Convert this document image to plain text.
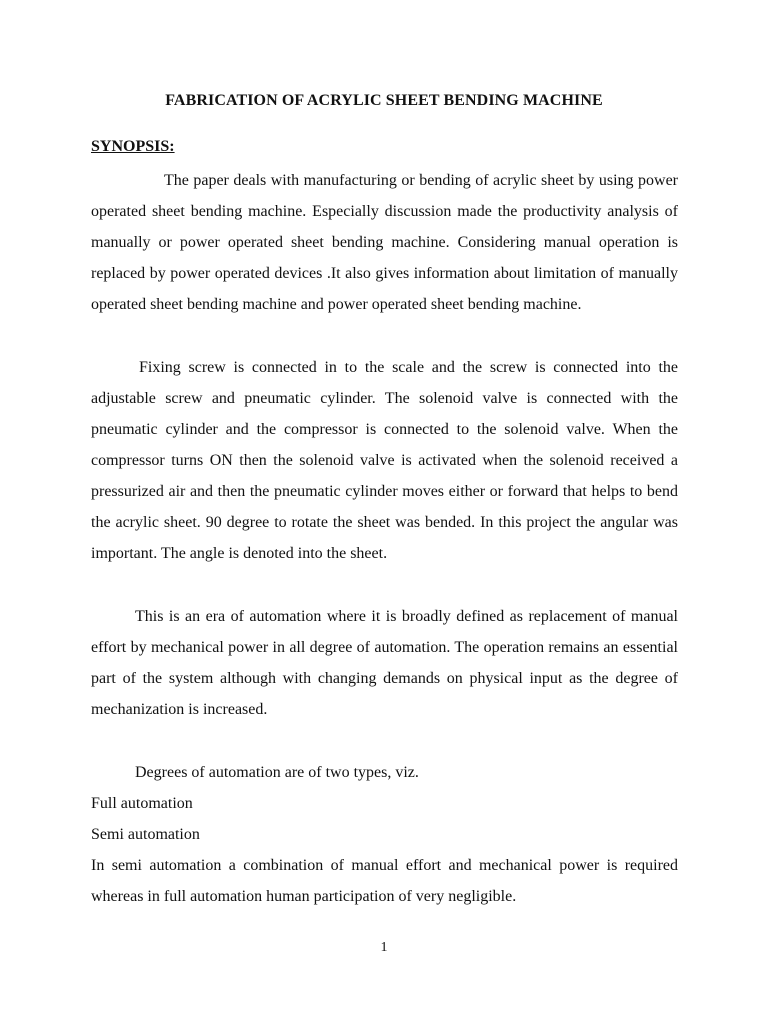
FABRICATION OF ACRYLIC SHEET BENDING MACHINE
SYNOPSIS:

The paper deals with manufacturing or bending of acrylic sheet by using power operated sheet bending machine. Especially discussion made the productivity analysis of manually or power operated sheet bending machine. Considering manual operation is replaced by power operated devices .It also gives information about limitation of manually operated sheet bending machine and power operated sheet bending machine.

Fixing screw is connected in to the scale and the screw is connected into the adjustable screw and pneumatic cylinder. The solenoid valve is connected with the pneumatic cylinder and the compressor is connected to the solenoid valve. When the compressor turns ON then the solenoid valve is activated when the solenoid received a pressurized air and then the pneumatic cylinder moves either or forward that helps to bend the acrylic sheet. 90 degree to rotate the sheet was bended. In this project the angular was important. The angle is denoted into the sheet.

This is an era of automation where it is broadly defined as replacement of manual effort by mechanical power in all degree of automation. The operation remains an essential part of the system although with changing demands on physical input as the degree of mechanization is increased.

Degrees of automation are of two types, viz.
Full automation
Semi automation

In semi automation a combination of manual effort and mechanical power is required whereas in full automation human participation of very negligible.

1
